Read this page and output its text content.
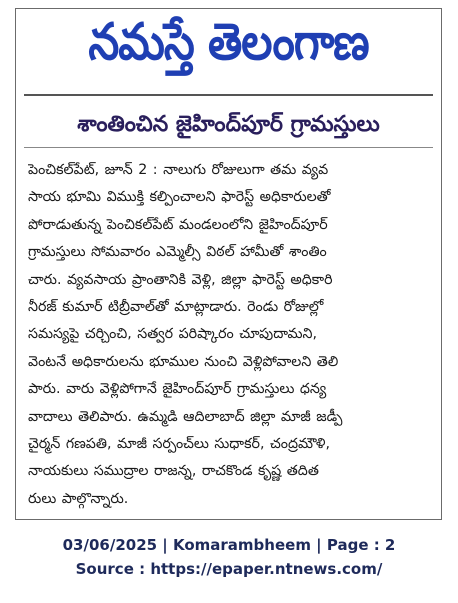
నమస్తే తెలంగాణ
శాంతించిన జైహింద్‌పూర్ గ్రామస్తులు
పెంచికల్‌పేట్, జూన్ 2 : నాలుగు రోజులుగా తమ వ్యవ
సాయ భూమి విముక్తి కల్పించాలని ఫారెస్ట్ అధికారులతో
పోరాడుతున్న పెంచికల్‌పేట్ మండలంలోని జైహింద్‌పూర్
గ్రామస్తులు సోమవారం ఎమ్మెల్సీ విఠల్ హామీతో శాంతిం
చారు. వ్యవసాయ ప్రాంతానికి వెళ్లి, జిల్లా ఫారెస్ట్ అధికారి
నీరజ్ కుమార్ టిబ్రీవాల్‌తో మాట్లాడారు. రెండు రోజుల్లో
సమస్యపై చర్చించి, సత్వర పరిష్కారం చూపుదామని,
వెంటనే అధికారులను భూముల నుంచి వెళ్లిపోవాలని తెలి
పారు. వారు వెళ్లిపోగానే జైహింద్‌పూర్ గ్రామస్తులు ధన్య
వాదాలు తెలిపారు. ఉమ్మడి ఆదిలాబాద్ జిల్లా మాజీ జడ్పీ
చైర్మన్ గణపతి, మాజీ సర్పంచ్‌లు సుధాకర్, చంద్రమౌళి,
నాయకులు సముద్రాల రాజన్న, రాచకొండ కృష్ణ తదిత
రులు పాల్గొన్నారు.
03/06/2025 | Komarambheem | Page : 2
Source : https://epaper.ntnews.com/
